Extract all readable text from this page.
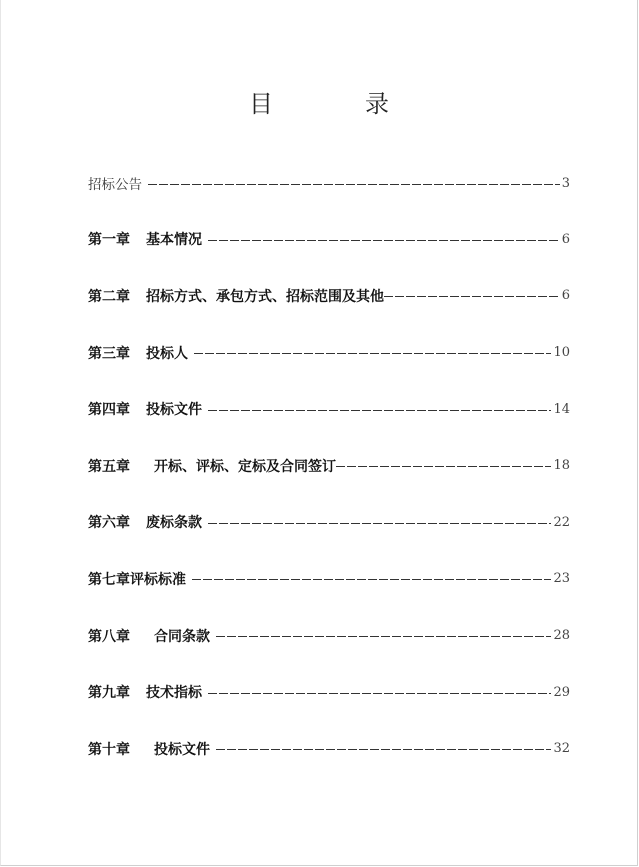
目　录
招标公告	3
第一章 基本情况	6
第二章 招标方式、承包方式、招标范围及其他	6
第三章 投标人	10
第四章 投标文件	14
第五章 开标、评标、定标及合同签订	18
第六章 废标条款	22
第七章 评标标准	23
第八章 合同条款	28
第九章 技术指标	29
第十章 投标文件	32
